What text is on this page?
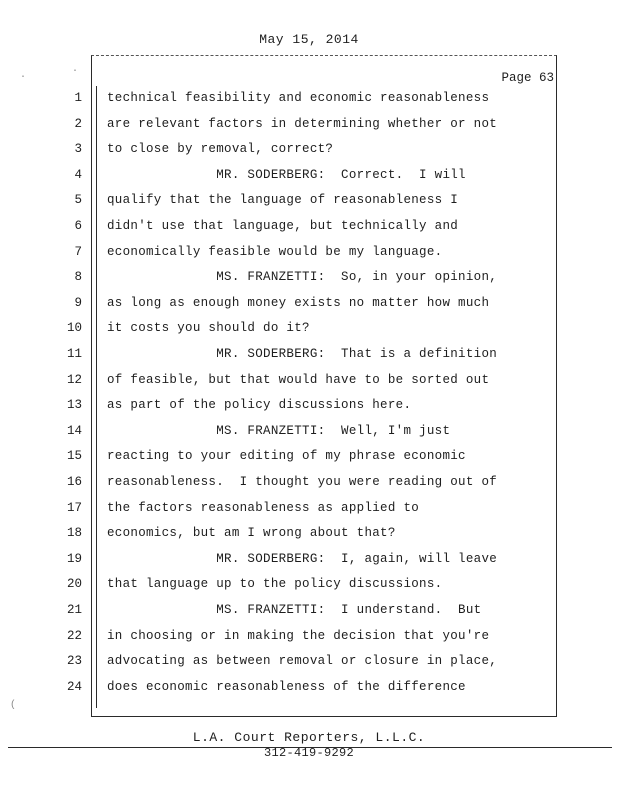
May 15, 2014
Page 63
1 technical feasibility and economic reasonableness
2 are relevant factors in determining whether or not
3 to close by removal, correct?
4 MR. SODERBERG:  Correct.  I will
5 qualify that the language of reasonableness I
6 didn't use that language, but technically and
7 economically feasible would be my language.
8 MS. FRANZETTI:  So, in your opinion,
9 as long as enough money exists no matter how much
10 it costs you should do it?
11 MR. SODERBERG:  That is a definition
12 of feasible, but that would have to be sorted out
13 as part of the policy discussions here.
14 MS. FRANZETTI:  Well, I'm just
15 reacting to your editing of my phrase economic
16 reasonableness.  I thought you were reading out of
17 the factors reasonableness as applied to
18 economics, but am I wrong about that?
19 MR. SODERBERG:  I, again, will leave
20 that language up to the policy discussions.
21 MS. FRANZETTI:  I understand.  But
22 in choosing or in making the decision that you're
23 advocating as between removal or closure in place,
24 does economic reasonableness of the difference
L.A. Court Reporters, L.L.C.
312-419-9292
·
·
(
